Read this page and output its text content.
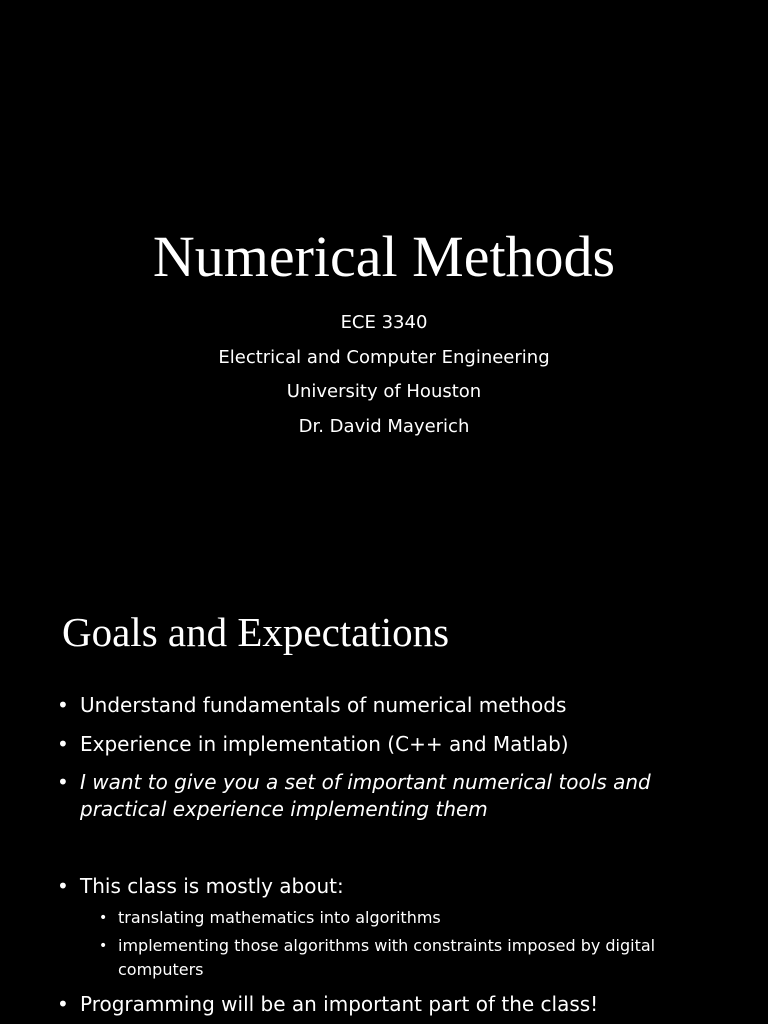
Numerical Methods
ECE 3340
Electrical and Computer Engineering
University of Houston
Dr. David Mayerich
Goals and Expectations
• Understand fundamentals of numerical methods
• Experience in implementation (C++ and Matlab)
• I want to give you a set of important numerical tools and practical experience implementing them
• This class is mostly about:
• translating mathematics into algorithms
• implementing those algorithms with constraints imposed by digital computers
• Programming will be an important part of the class!
